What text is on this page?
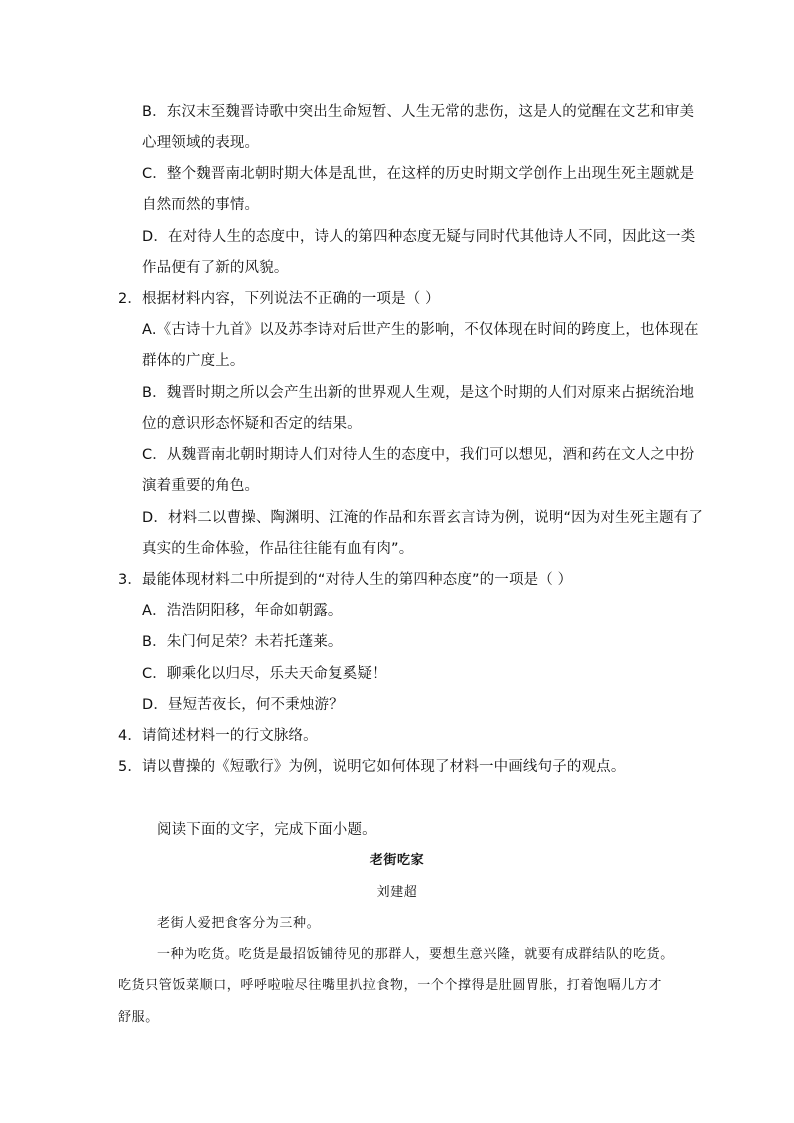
B．东汉末至魏晋诗歌中突出生命短暂、人生无常的悲伤，这是人的觉醒在文艺和审美
心理领域的表现。
C．整个魏晋南北朝时期大体是乱世，在这样的历史时期文学创作上出现生死主题就是
自然而然的事情。
D．在对待人生的态度中，诗人的第四种态度无疑与同时代其他诗人不同，因此这一类
作品便有了新的风貌。
2．根据材料内容，下列说法不正确的一项是（ ）
A.《古诗十九首》以及苏李诗对后世产生的影响，不仅体现在时间的跨度上，也体现在
群体的广度上。
B．魏晋时期之所以会产生出新的世界观人生观，是这个时期的人们对原来占据统治地
位的意识形态怀疑和否定的结果。
C．从魏晋南北朝时期诗人们对待人生的态度中，我们可以想见，酒和药在文人之中扮
演着重要的角色。
D．材料二以曹操、陶渊明、江淹的作品和东晋玄言诗为例，说明“因为对生死主题有了
真实的生命体验，作品往往能有血有肉”。
3．最能体现材料二中所提到的“对待人生的第四种态度”的一项是（ ）
A．浩浩阴阳移，年命如朝露。
B．朱门何足荣？未若托蓬莱。
C．聊乘化以归尽，乐夫天命复奚疑！
D．昼短苦夜长，何不秉烛游？
4．请简述材料一的行文脉络。
5．请以曹操的《短歌行》为例，说明它如何体现了材料一中画线句子的观点。
阅读下面的文字，完成下面小题。
老街吃家
刘建超
老街人爱把食客分为三种。
一种为吃货。吃货是最招饭铺待见的那群人，要想生意兴隆，就要有成群结队的吃货。
吃货只管饭菜顺口，呼呼啦啦尽往嘴里扒拉食物，一个个撑得是肚圆胃胀，打着饱嗝儿方才
舒服。
